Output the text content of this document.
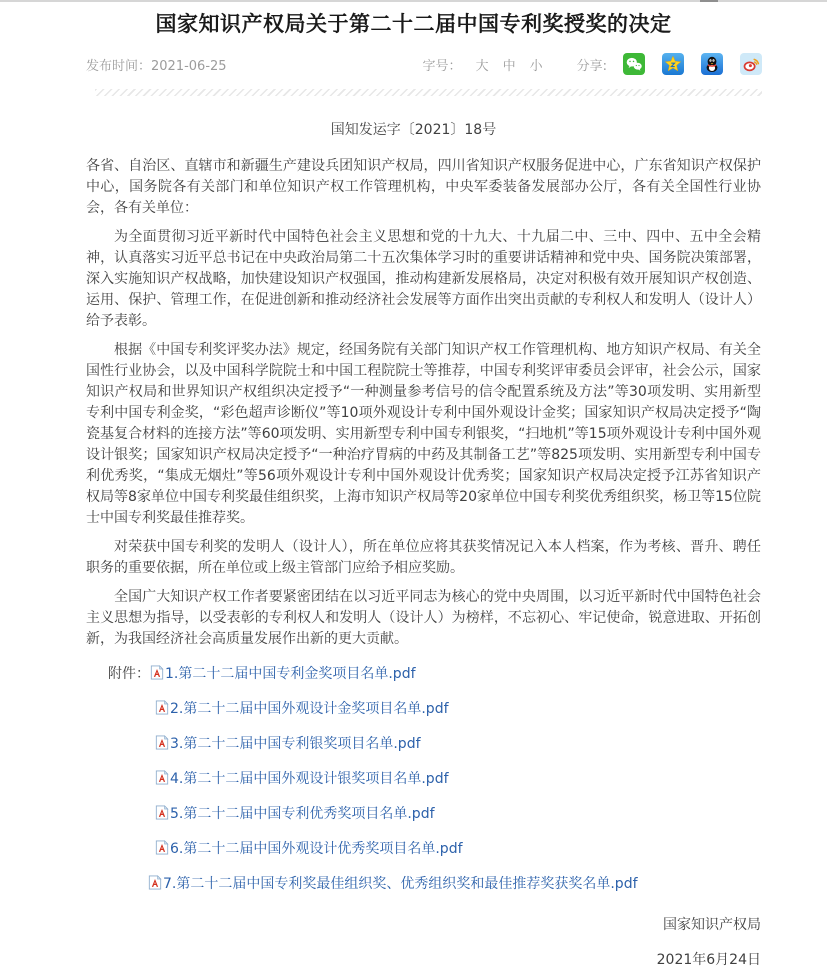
国家知识产权局关于第二十二届中国专利奖授奖的决定
发布时间：2021-06-25	字号： 大 中 小	分享:
国知发运字〔2021〕18号

各省、自治区、直辖市和新疆生产建设兵团知识产权局，四川省知识产权服务促进中心，广东省知识产权保护中心，国务院各有关部门和单位知识产权工作管理机构，中央军委装备发展部办公厅，各有关全国性行业协会，各有关单位：

为全面贯彻习近平新时代中国特色社会主义思想和党的十九大、十九届二中、三中、四中、五中全会精神，认真落实习近平总书记在中央政治局第二十五次集体学习时的重要讲话精神和党中央、国务院决策部署，深入实施知识产权战略，加快建设知识产权强国，推动构建新发展格局，决定对积极有效开展知识产权创造、运用、保护、管理工作，在促进创新和推动经济社会发展等方面作出突出贡献的专利权人和发明人（设计人）给予表彰。

根据《中国专利奖评奖办法》规定，经国务院有关部门知识产权工作管理机构、地方知识产权局、有关全国性行业协会，以及中国科学院院士和中国工程院院士等推荐，中国专利奖评审委员会评审，社会公示，国家知识产权局和世界知识产权组织决定授予“一种测量参考信号的信令配置系统及方法”等30项发明、实用新型专利中国专利金奖，“彩色超声诊断仪”等10项外观设计专利中国外观设计金奖；国家知识产权局决定授予“陶瓷基复合材料的连接方法”等60项发明、实用新型专利中国专利银奖，“扫地机”等15项外观设计专利中国外观设计银奖；国家知识产权局决定授予“一种治疗胃病的中药及其制备工艺”等825项发明、实用新型专利中国专利优秀奖，“集成无烟灶”等56项外观设计专利中国外观设计优秀奖；国家知识产权局决定授予江苏省知识产权局等8家单位中国专利奖最佳组织奖，上海市知识产权局等20家单位中国专利奖优秀组织奖，杨卫等15位院士中国专利奖最佳推荐奖。

对荣获中国专利奖的发明人（设计人），所在单位应将其获奖情况记入本人档案，作为考核、晋升、聘任职务的重要依据，所在单位或上级主管部门应给予相应奖励。

全国广大知识产权工作者要紧密团结在以习近平同志为核心的党中央周围，以习近平新时代中国特色社会主义思想为指导，以受表彰的专利权人和发明人（设计人）为榜样，不忘初心、牢记使命，锐意进取、开拓创新，为我国经济社会高质量发展作出新的更大贡献。

附件：	1.第二十二届中国专利金奖项目名单.pdf
2.第二十二届中国外观设计金奖项目名单.pdf
3.第二十二届中国专利银奖项目名单.pdf
4.第二十二届中国外观设计银奖项目名单.pdf
5.第二十二届中国专利优秀奖项目名单.pdf
6.第二十二届中国外观设计优秀奖项目名单.pdf
7.第二十二届中国专利奖最佳组织奖、优秀组织奖和最佳推荐奖获奖名单.pdf
国家知识产权局
2021年6月24日
